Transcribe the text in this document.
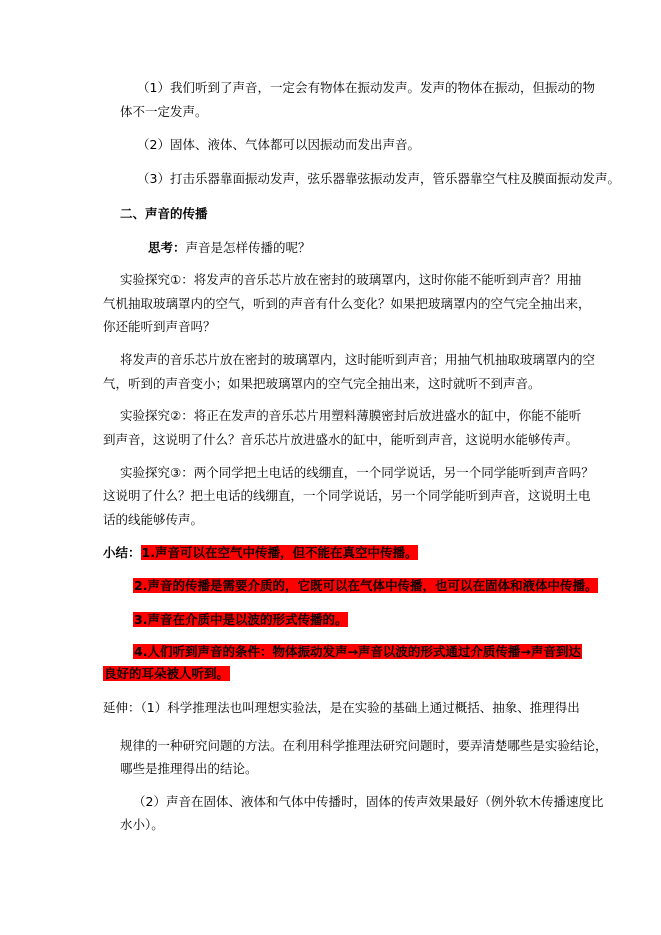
（1）我们听到了声音，一定会有物体在振动发声。发声的物体在振动，但振动的物
体不一定发声。
（2）固体、液体、气体都可以因振动而发出声音。
（3）打击乐器靠面振动发声，弦乐器靠弦振动发声，管乐器靠空气柱及膜面振动发声。
二、声音的传播
思考：声音是怎样传播的呢？
实验探究①：将发声的音乐芯片放在密封的玻璃罩内，这时你能不能听到声音？用抽
气机抽取玻璃罩内的空气，听到的声音有什么变化？如果把玻璃罩内的空气完全抽出来，
你还能听到声音吗？
将发声的音乐芯片放在密封的玻璃罩内，这时能听到声音；用抽气机抽取玻璃罩内的空
气，听到的声音变小；如果把玻璃罩内的空气完全抽出来，这时就听不到声音。
实验探究②：将正在发声的音乐芯片用塑料薄膜密封后放进盛水的缸中，你能不能听
到声音，这说明了什么？音乐芯片放进盛水的缸中，能听到声音，这说明水能够传声。
实验探究③：两个同学把土电话的线绷直，一个同学说话，另一个同学能听到声音吗？
这说明了什么？把土电话的线绷直，一个同学说话，另一个同学能听到声音，这说明土电
话的线能够传声。
小结：1.声音可以在空气中传播，但不能在真空中传播。
2.声音的传播是需要介质的，它既可以在气体中传播，也可以在固体和液体中传播。
3.声音在介质中是以波的形式传播的。
4.人们听到声音的条件：物体振动发声→声音以波的形式通过介质传播→声音到达
良好的耳朵被人听到。
延伸：（1）科学推理法也叫理想实验法，是在实验的基础上通过概括、抽象、推理得出
规律的一种研究问题的方法。在利用科学推理法研究问题时，要弄清楚哪些是实验结论，
哪些是推理得出的结论。
（2）声音在固体、液体和气体中传播时，固体的传声效果最好（例外软木传播速度比
水小）。
